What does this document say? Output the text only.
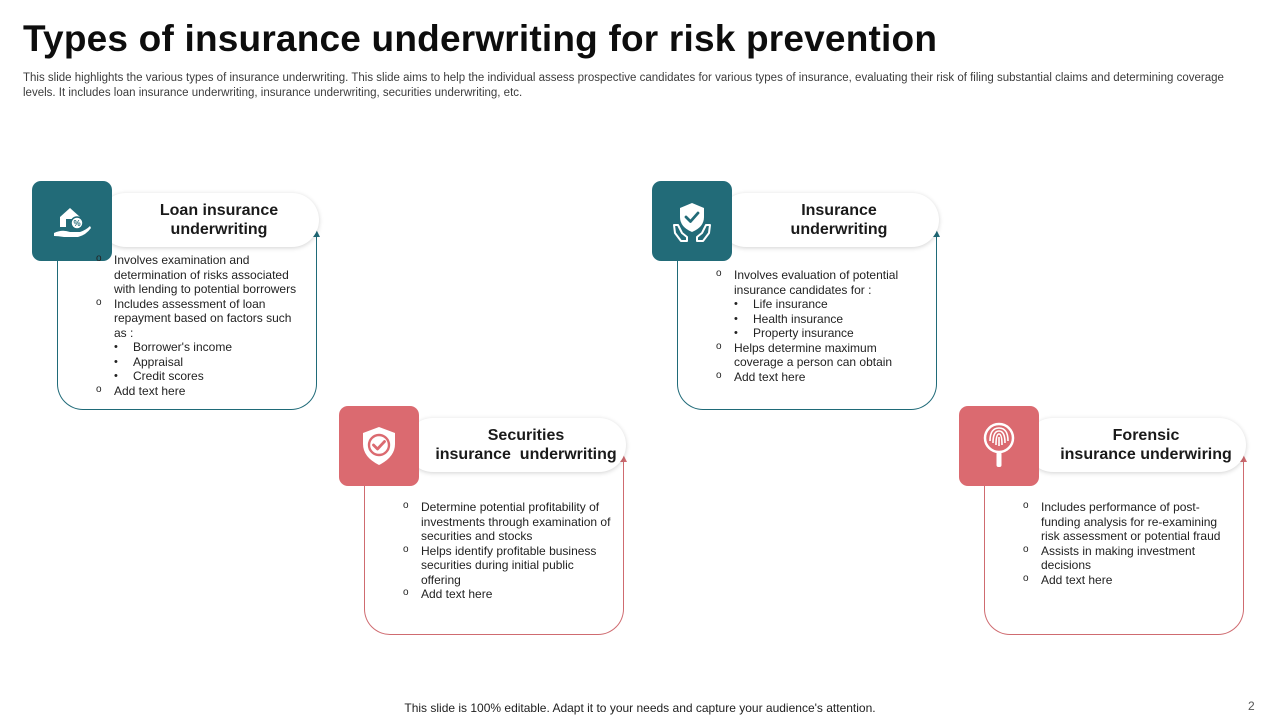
Types of insurance underwriting for risk prevention

This slide highlights the various types of insurance underwriting. This slide aims to help the individual assess prospective candidates for various types of insurance, evaluating their risk of filing substantial claims and determining coverage levels. It includes loan insurance underwriting, insurance underwriting, securities underwriting, etc.

Loan insurance
underwriting
%
o Involves examination and determination of risks associated with lending to potential borrowers
o Includes assessment of loan repayment based on factors such as :
• Borrower's income
• Appraisal
• Credit scores
o Add text here
Insurance
underwriting
o Involves evaluation of potential insurance candidates for :
• Life insurance
• Health insurance
• Property insurance
o Helps determine maximum coverage a person can obtain
o Add text here
Securities
insurance  underwriting
o Determine potential profitability of investments through examination of securities and stocks
o Helps identify profitable business securities during initial public offering
o Add text here
Forensic
insurance underwiring
o Includes performance of post-funding analysis for re-examining risk assessment or potential fraud
o Assists in making investment decisions
o Add text here
This slide is 100% editable. Adapt it to your needs and capture your audience's attention.	2
